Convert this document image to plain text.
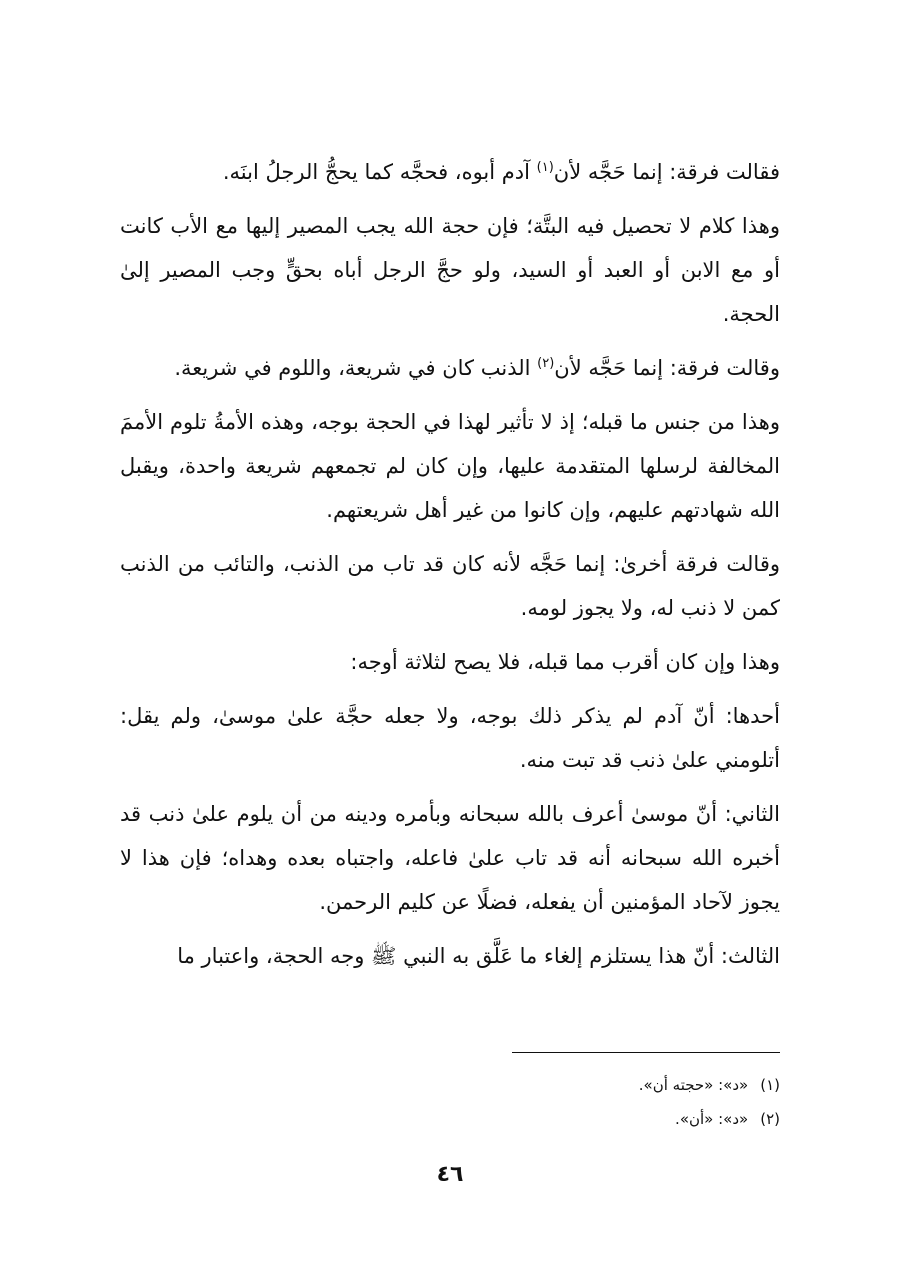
فقالت فرقة: إنما حَجَّه لأن$^{(١)}$ آدم أبوه، فحجَّه كما يحجُّ الرجلُ ابنَه.

وهذا كلام لا تحصيل فيه البتَّة؛ فإن حجة الله يجب المصير إليها مع الأب كانت أو مع الابن أو العبد أو السيد، ولو حجَّ الرجل أباه بحقٍّ وجب المصير إلىٰ الحجة.

وقالت فرقة: إنما حَجَّه لأن$^{(٢)}$ الذنب كان في شريعة، واللوم في شريعة.

وهذا من جنس ما قبله؛ إذ لا تأثير لهذا في الحجة بوجه، وهذه الأمةُ تلوم الأممَ المخالفة لرسلها المتقدمة عليها، وإن كان لم تجمعهم شريعة واحدة، ويقبل الله شهادتهم عليهم، وإن كانوا من غير أهل شريعتهم.

وقالت فرقة أخرىٰ: إنما حَجَّه لأنه كان قد تاب من الذنب، والتائب من الذنب كمن لا ذنب له، ولا يجوز لومه.

وهذا وإن كان أقرب مما قبله، فلا يصح لثلاثة أوجه:

أحدها: أنّ آدم لم يذكر ذلك بوجه، ولا جعله حجَّة علىٰ موسىٰ، ولم يقل: أتلومني علىٰ ذنب قد تبت منه.

الثاني: أنّ موسىٰ أعرف بالله سبحانه وبأمره ودينه من أن يلوم علىٰ ذنب قد أخبره الله سبحانه أنه قد تاب علىٰ فاعله، واجتباه بعده وهداه؛ فإن هذا لا يجوز لآحاد المؤمنين أن يفعله، فضلًا عن كليم الرحمن.

الثالث: أنّ هذا يستلزم إلغاء ما عَلَّق به النبي ﷺ وجه الحجة، واعتبار ما

(١)«د»: «حجته أن».

(٢)«د»: «أن».

٤٦
